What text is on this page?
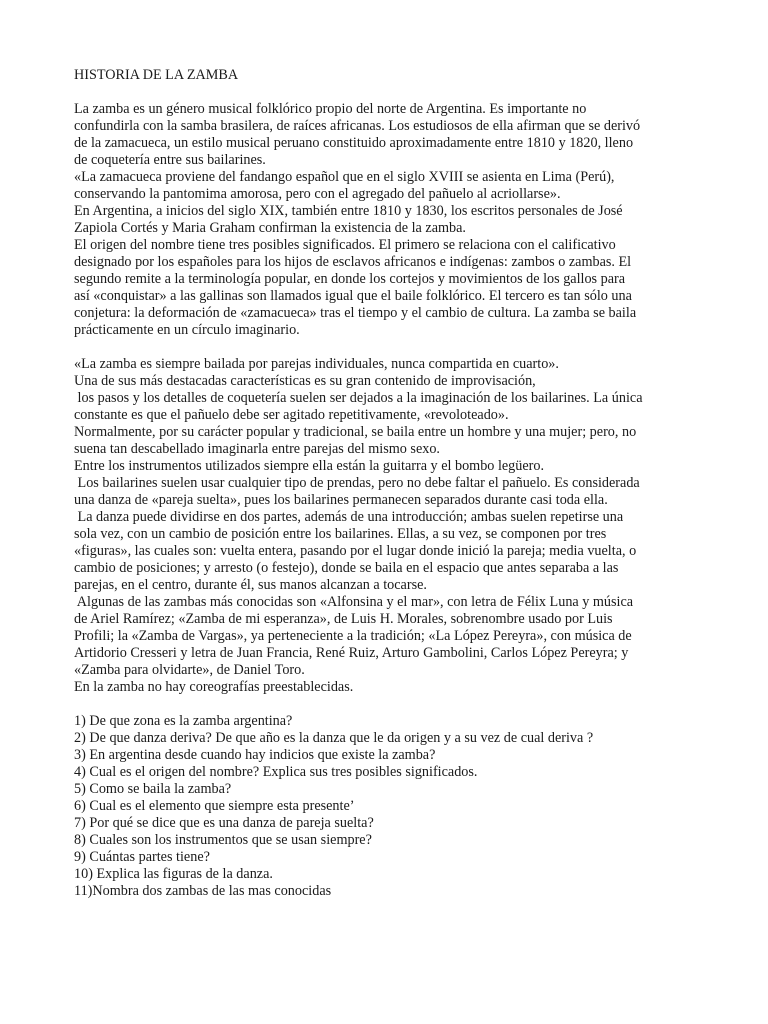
HISTORIA DE LA ZAMBA
La zamba es un género musical folklórico propio del norte de Argentina. Es importante no
confundirla con la samba brasilera, de raíces africanas. Los estudiosos de ella afirman que se derivó
de la zamacueca, un estilo musical peruano constituido aproximadamente entre 1810 y 1820, lleno
de coquetería entre sus bailarines.
«La zamacueca proviene del fandango español que en el siglo XVIII se asienta en Lima (Perú),
conservando la pantomima amorosa, pero con el agregado del pañuelo al acriollarse».
En Argentina, a inicios del siglo XIX, también entre 1810 y 1830, los escritos personales de José
Zapiola Cortés y Maria Graham confirman la existencia de la zamba.
El origen del nombre tiene tres posibles significados. El primero se relaciona con el calificativo
designado por los españoles para los hijos de esclavos africanos e indígenas: zambos o zambas. El
segundo remite a la terminología popular, en donde los cortejos y movimientos de los gallos para
así «conquistar» a las gallinas son llamados igual que el baile folklórico. El tercero es tan sólo una
conjetura: la deformación de «zamacueca» tras el tiempo y el cambio de cultura. La zamba se baila
prácticamente en un círculo imaginario.
«La zamba es siempre bailada por parejas individuales, nunca compartida en cuarto».
Una de sus más destacadas características es su gran contenido de improvisación,
los pasos y los detalles de coquetería suelen ser dejados a la imaginación de los bailarines. La única
constante es que el pañuelo debe ser agitado repetitivamente, «revoloteado».
Normalmente, por su carácter popular y tradicional, se baila entre un hombre y una mujer; pero, no
suena tan descabellado imaginarla entre parejas del mismo sexo.
Entre los instrumentos utilizados siempre ella están la guitarra y el bombo legüero.
Los bailarines suelen usar cualquier tipo de prendas, pero no debe faltar el pañuelo. Es considerada
una danza de «pareja suelta», pues los bailarines permanecen separados durante casi toda ella.
La danza puede dividirse en dos partes, además de una introducción; ambas suelen repetirse una
sola vez, con un cambio de posición entre los bailarines. Ellas, a su vez, se componen por tres
«figuras», las cuales son: vuelta entera, pasando por el lugar donde inició la pareja; media vuelta, o
cambio de posiciones; y arresto (o festejo), donde se baila en el espacio que antes separaba a las
parejas, en el centro, durante él, sus manos alcanzan a tocarse.
Algunas de las zambas más conocidas son «Alfonsina y el mar», con letra de Félix Luna y música
de Ariel Ramírez; «Zamba de mi esperanza», de Luis H. Morales, sobrenombre usado por Luis
Profili; la «Zamba de Vargas», ya perteneciente a la tradición; «La López Pereyra», con música de
Artidorio Cresseri y letra de Juan Francia, René Ruiz, Arturo Gambolini, Carlos López Pereyra; y
«Zamba para olvidarte», de Daniel Toro.
En la zamba no hay coreografías preestablecidas.
1) De que zona es la zamba argentina?
2) De que danza deriva? De que año es la danza que le da origen y a su vez de cual deriva ?
3) En argentina desde cuando hay indicios que existe la zamba?
4) Cual es el origen del nombre? Explica sus tres posibles significados.
5) Como se baila la zamba?
6) Cual es el elemento que siempre esta presente’
7) Por qué se dice que es una danza de pareja suelta?
8) Cuales son los instrumentos que se usan siempre?
9) Cuántas partes tiene?
10) Explica las figuras de la danza.
11)Nombra dos zambas de las mas conocidas
